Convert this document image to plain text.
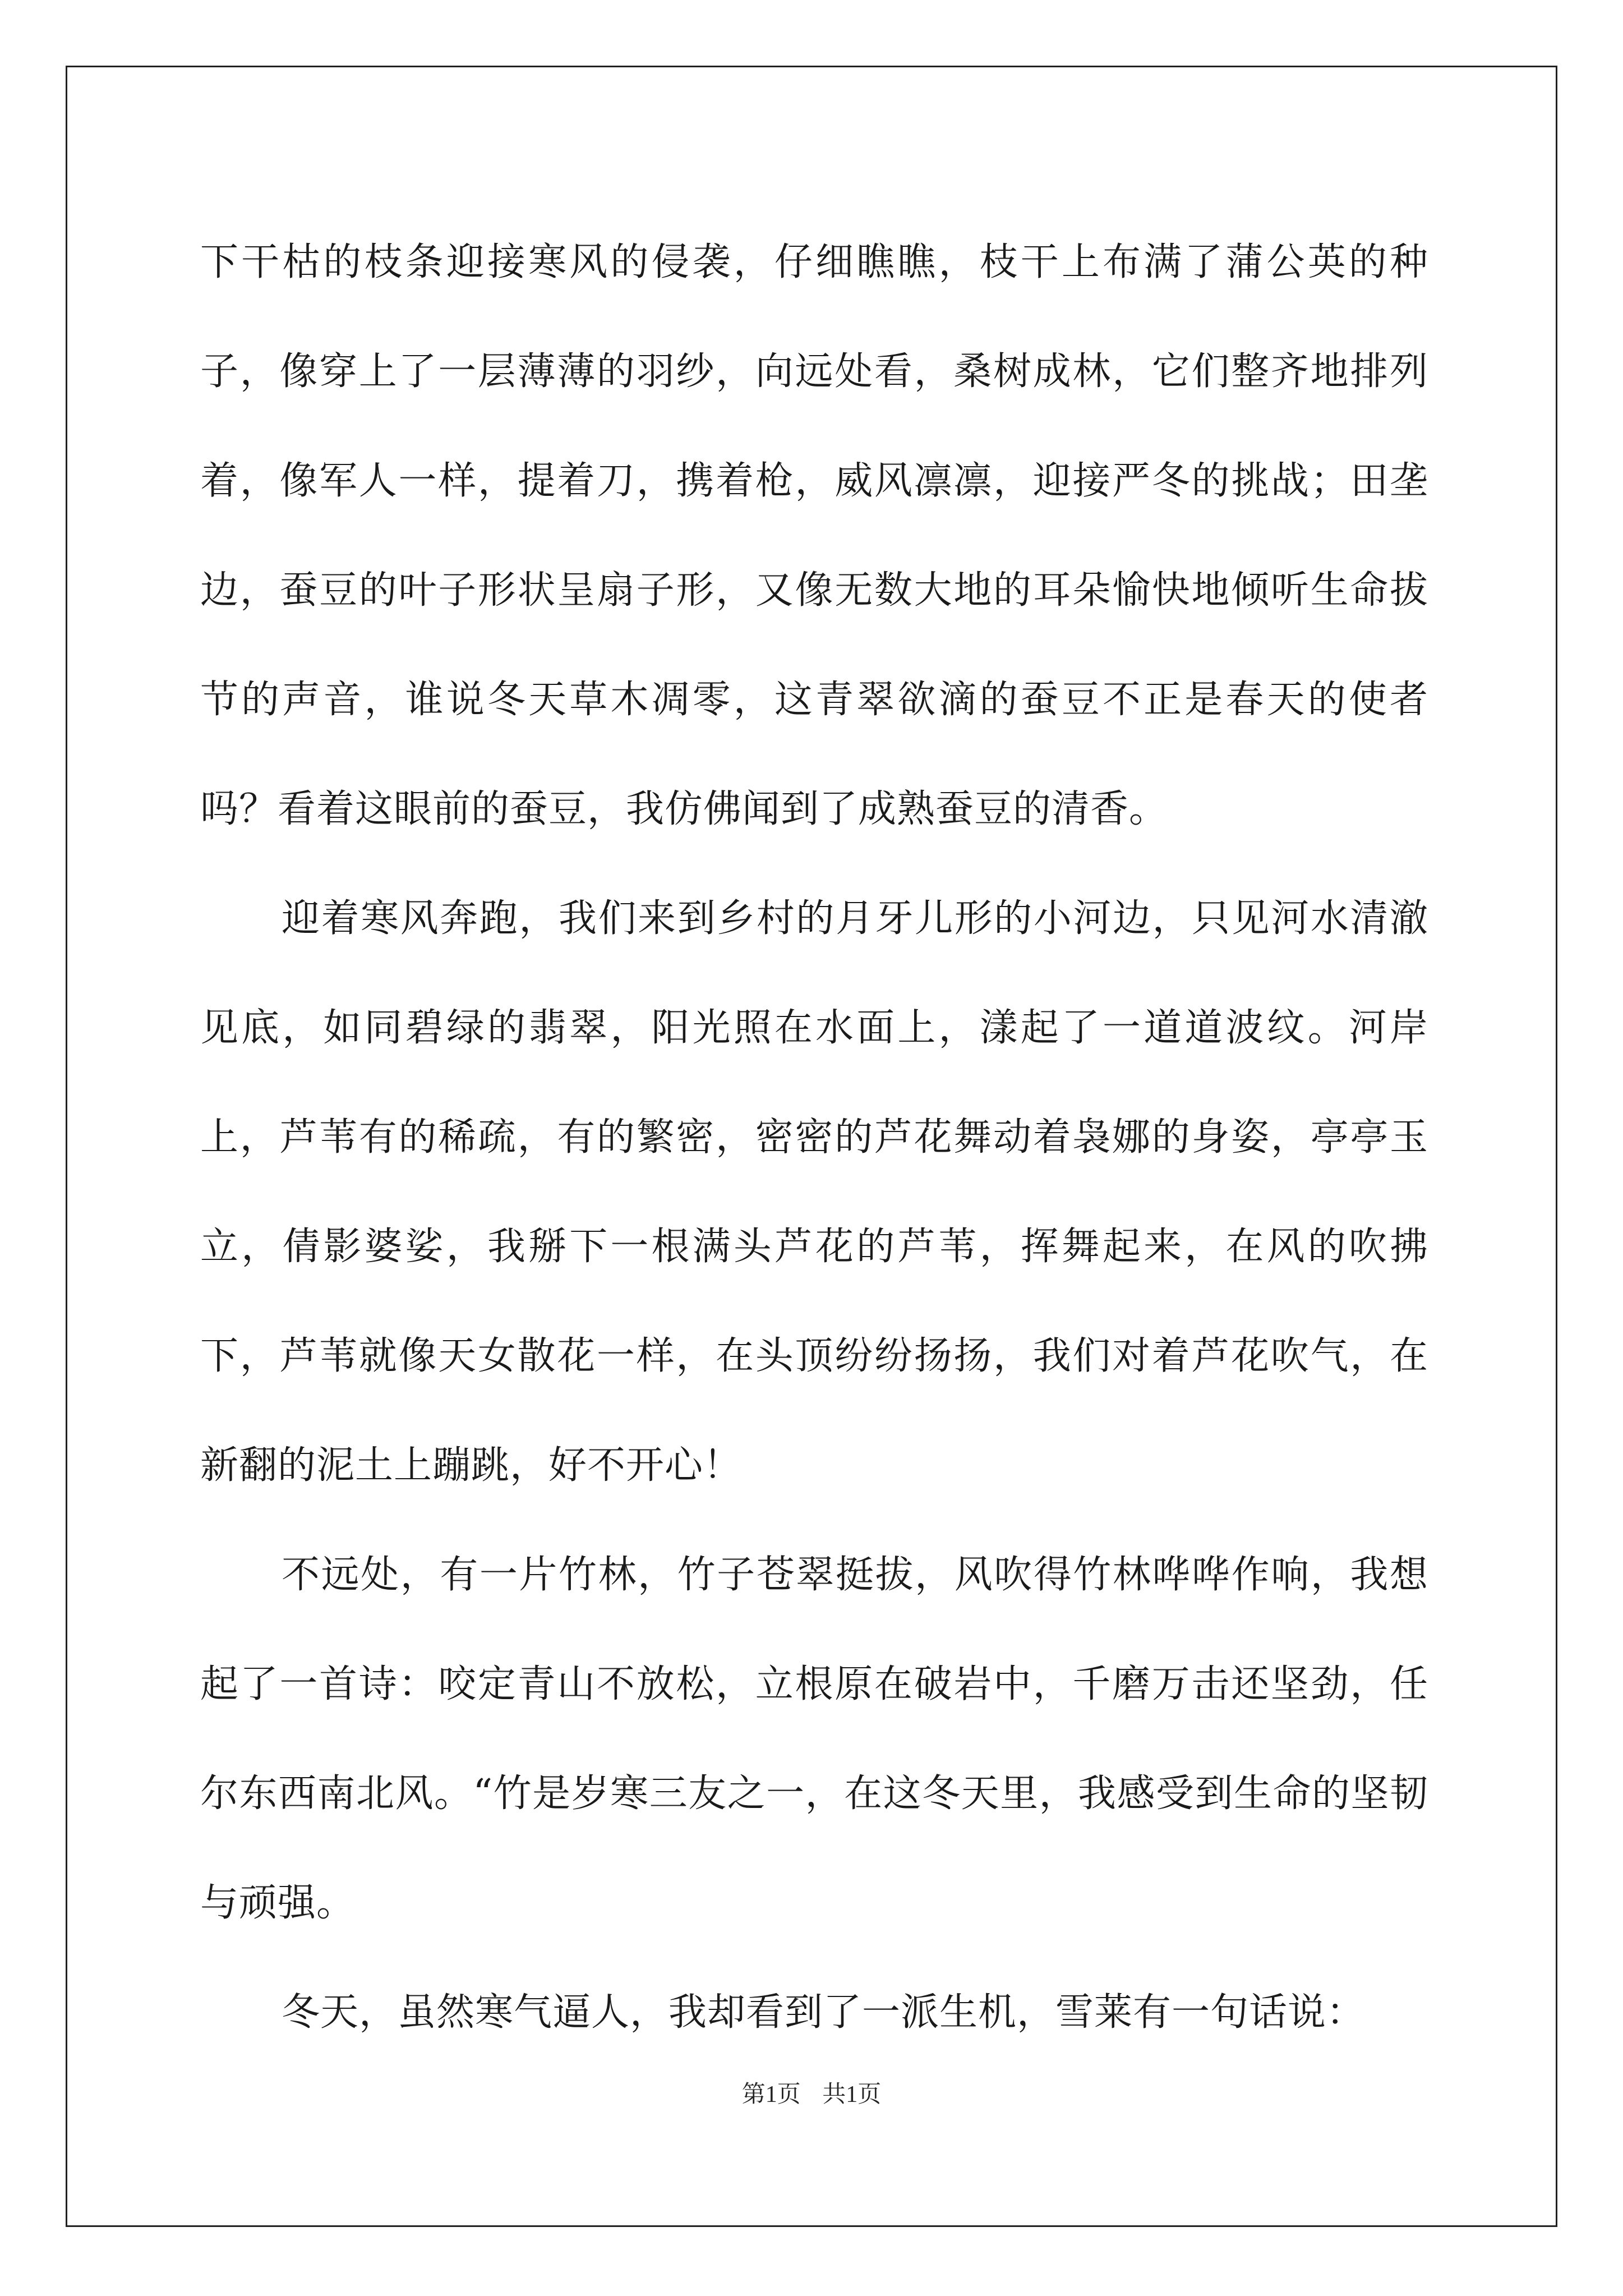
下干枯的枝条迎接寒风的侵袭，仔细瞧瞧，枝干上布满了蒲公英的种子，像穿上了一层薄薄的羽纱，向远处看，桑树成林，它们整齐地排列着，像军人一样，提着刀，携着枪，威风凛凛，迎接严冬的挑战；田垄边，蚕豆的叶子形状呈扇子形，又像无数大地的耳朵愉快地倾听生命拔节的声音，谁说冬天草木凋零，这青翠欲滴的蚕豆不正是春天的使者吗？看着这眼前的蚕豆，我仿佛闻到了成熟蚕豆的清香。

迎着寒风奔跑，我们来到乡村的月牙儿形的小河边，只见河水清澈见底，如同碧绿的翡翠，阳光照在水面上，漾起了一道道波纹。河岸上，芦苇有的稀疏，有的繁密，密密的芦花舞动着袅娜的身姿，亭亭玉立，倩影婆娑，我掰下一根满头芦花的芦苇，挥舞起来，在风的吹拂下，芦苇就像天女散花一样，在头顶纷纷扬扬，我们对着芦花吹气，在新翻的泥土上蹦跳，好不开心！

不远处，有一片竹林，竹子苍翠挺拔，风吹得竹林哗哗作响，我想起了一首诗：咬定青山不放松，立根原在破岩中，千磨万击还坚劲，任尔东西南北风。“竹是岁寒三友之一，在这冬天里，我感受到生命的坚韧与顽强。

冬天，虽然寒气逼人，我却看到了一派生机，雪莱有一句话说：

第1页 共1页
